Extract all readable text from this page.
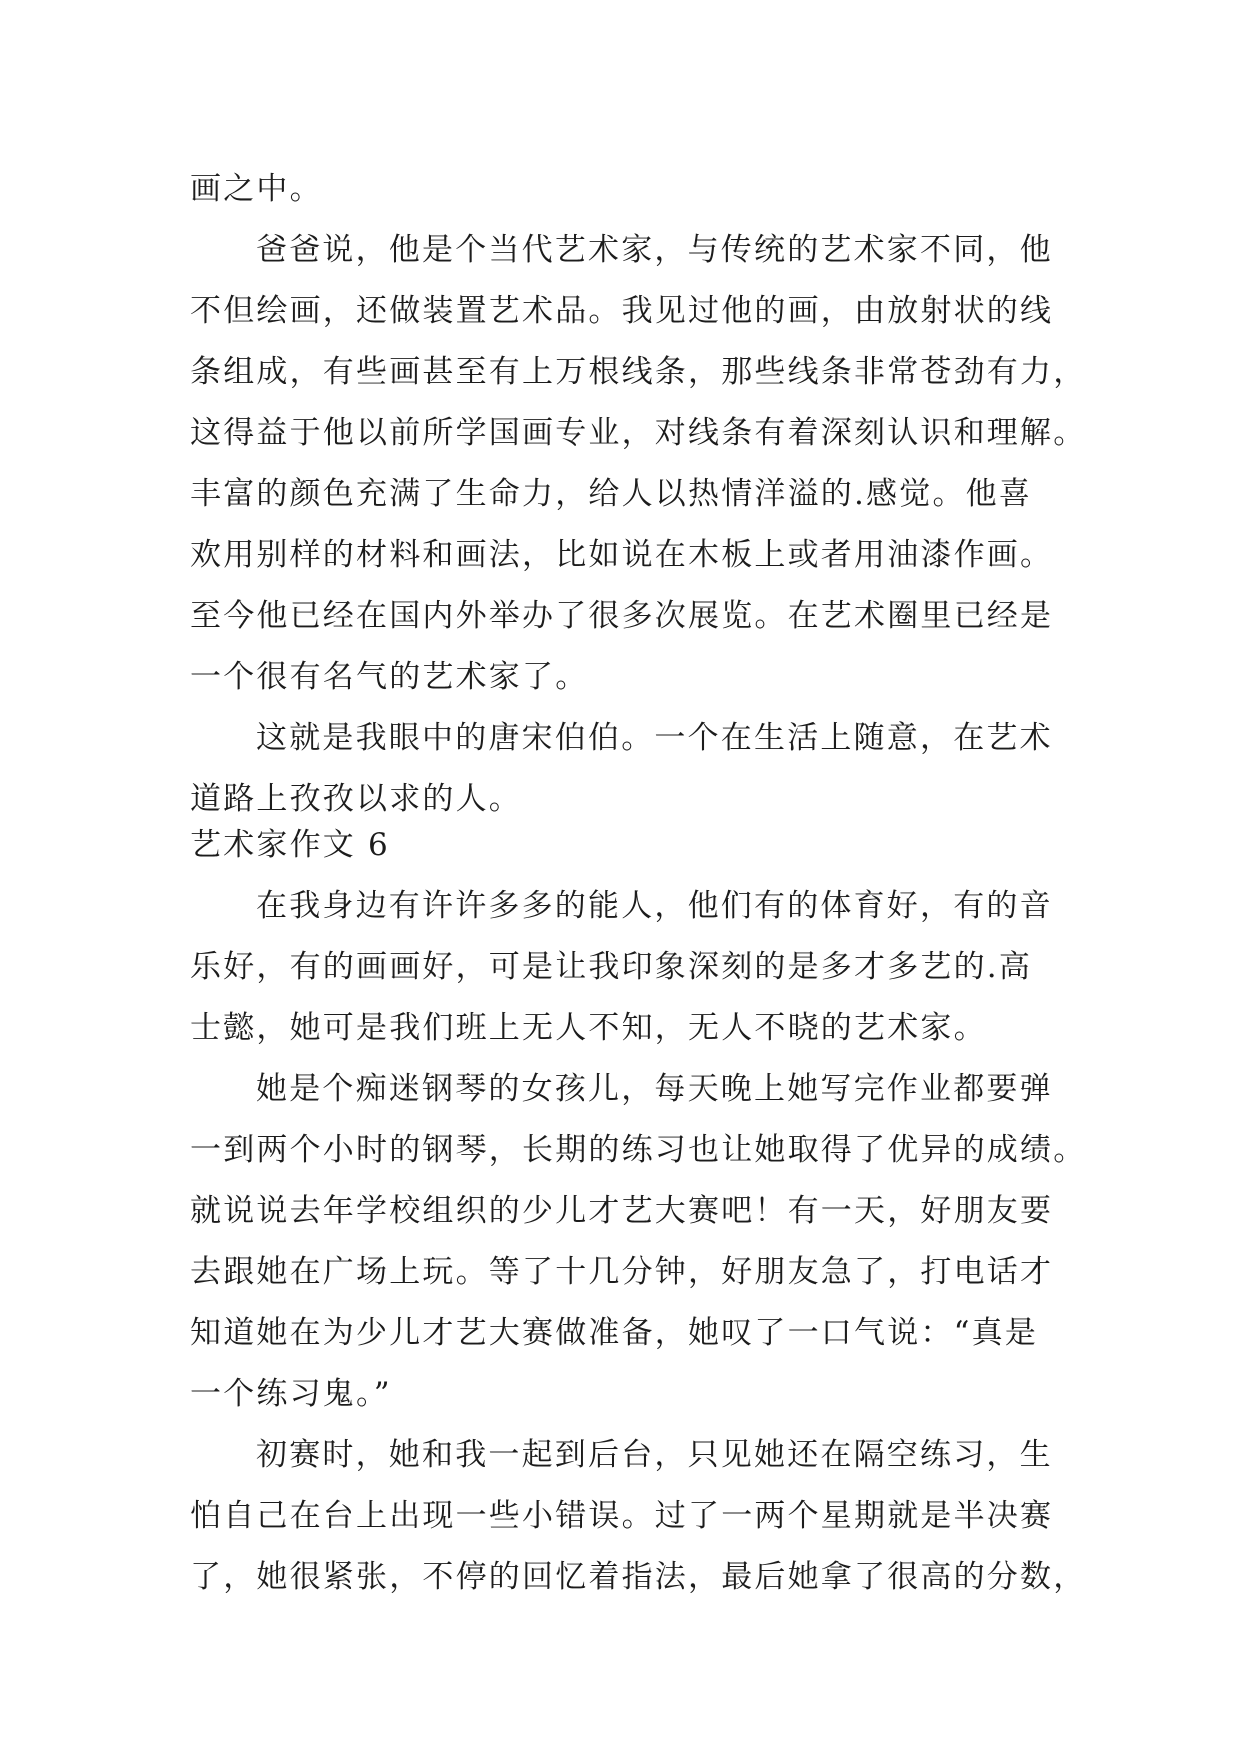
画之中。
爸爸说，他是个当代艺术家，与传统的艺术家不同，他
不但绘画，还做装置艺术品。我见过他的画，由放射状的线
条组成，有些画甚至有上万根线条，那些线条非常苍劲有力，
这得益于他以前所学国画专业，对线条有着深刻认识和理解。
丰富的颜色充满了生命力，给人以热情洋溢的.感觉。他喜
欢用别样的材料和画法，比如说在木板上或者用油漆作画。
至今他已经在国内外举办了很多次展览。在艺术圈里已经是
一个很有名气的艺术家了。
这就是我眼中的唐宋伯伯。一个在生活上随意，在艺术
道路上孜孜以求的人。
艺术家作文 6
在我身边有许许多多的能人，他们有的体育好，有的音
乐好，有的画画好，可是让我印象深刻的是多才多艺的.高
士懿，她可是我们班上无人不知，无人不晓的艺术家。
她是个痴迷钢琴的女孩儿，每天晚上她写完作业都要弹
一到两个小时的钢琴，长期的练习也让她取得了优异的成绩。
就说说去年学校组织的少儿才艺大赛吧！有一天，好朋友要
去跟她在广场上玩。等了十几分钟，好朋友急了，打电话才
知道她在为少儿才艺大赛做准备，她叹了一口气说：“真是
一个练习鬼。”
初赛时，她和我一起到后台，只见她还在隔空练习，生
怕自己在台上出现一些小错误。过了一两个星期就是半决赛
了，她很紧张，不停的回忆着指法，最后她拿了很高的分数，
